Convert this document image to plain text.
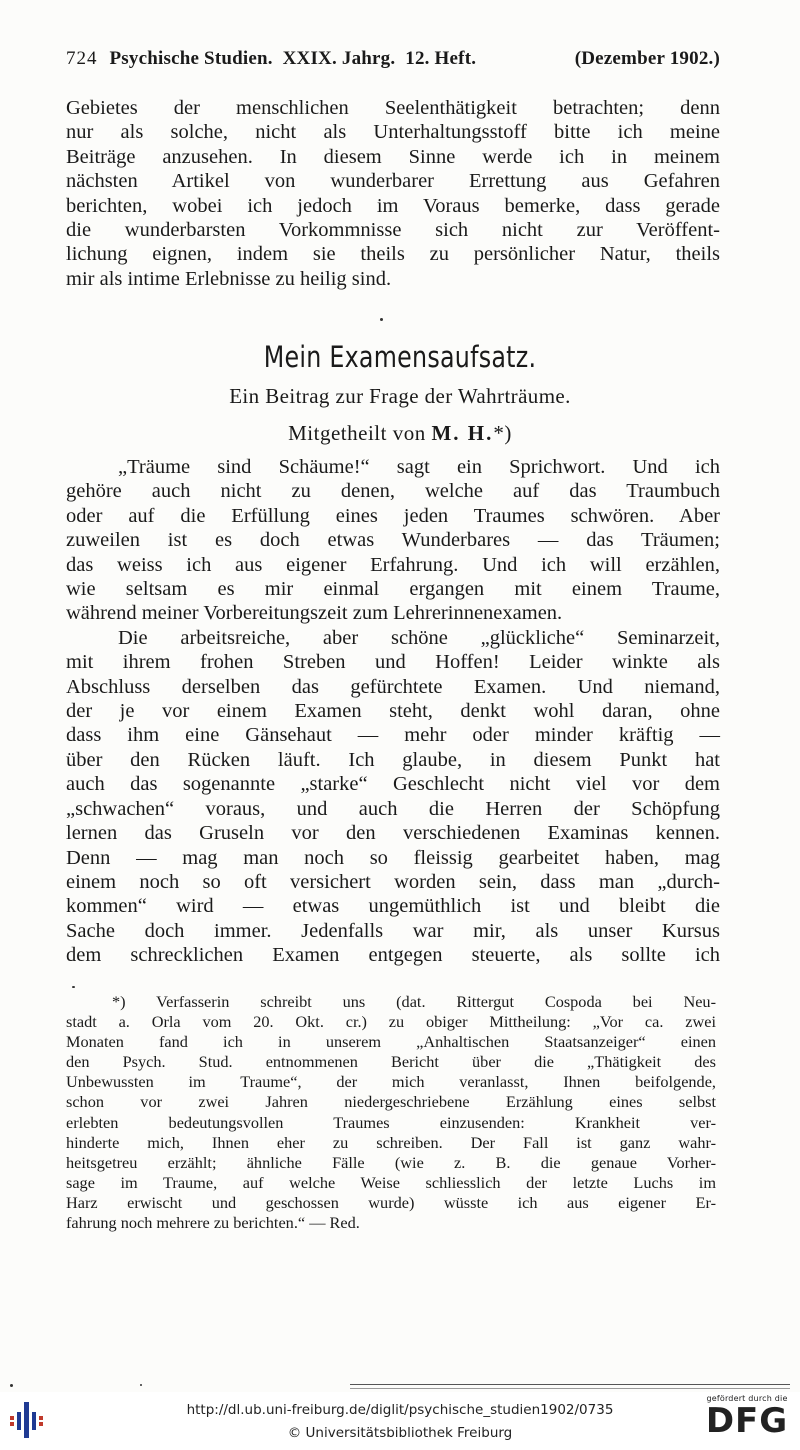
724 Psychische Studien. XXIX. Jahrg. 12. Heft.	(Dezember 1902.)
Gebietes der menschlichen Seelenthätigkeit betrachten; denn
nur als solche, nicht als Unterhaltungsstoff bitte ich meine
Beiträge anzusehen. In diesem Sinne werde ich in meinem
nächsten Artikel von wunderbarer Errettung aus Gefahren
berichten, wobei ich jedoch im Voraus bemerke, dass gerade
die wunderbarsten Vorkommnisse sich nicht zur Veröffent-
lichung eignen, indem sie theils zu persönlicher Natur, theils
mir als intime Erlebnisse zu heilig sind.
Mein Examensaufsatz.
Ein Beitrag zur Frage der Wahrträume.
Mitgetheilt von M. H.*)
„Träume sind Schäume!“ sagt ein Sprichwort. Und ich
gehöre auch nicht zu denen, welche auf das Traumbuch
oder auf die Erfüllung eines jeden Traumes schwören. Aber
zuweilen ist es doch etwas Wunderbares — das Träumen;
das weiss ich aus eigener Erfahrung. Und ich will erzählen,
wie seltsam es mir einmal ergangen mit einem Traume,
während meiner Vorbereitungszeit zum Lehrerinnenexamen.
Die arbeitsreiche, aber schöne „glückliche“ Seminarzeit,
mit ihrem frohen Streben und Hoffen! Leider winkte als
Abschluss derselben das gefürchtete Examen. Und niemand,
der je vor einem Examen steht, denkt wohl daran, ohne
dass ihm eine Gänsehaut — mehr oder minder kräftig —
über den Rücken läuft. Ich glaube, in diesem Punkt hat
auch das sogenannte „starke“ Geschlecht nicht viel vor dem
„schwachen“ voraus, und auch die Herren der Schöpfung
lernen das Gruseln vor den verschiedenen Examinas kennen.
Denn — mag man noch so fleissig gearbeitet haben, mag
einem noch so oft versichert worden sein, dass man „durch-
kommen“ wird — etwas ungemüthlich ist und bleibt die
Sache doch immer. Jedenfalls war mir, als unser Kursus
dem schrecklichen Examen entgegen steuerte, als sollte ich
*) Verfasserin schreibt uns (dat. Rittergut Cospoda bei Neu-
stadt a. Orla vom 20. Okt. cr.) zu obiger Mittheilung: „Vor ca. zwei
Monaten fand ich in unserem „Anhaltischen Staatsanzeiger“ einen
den Psych. Stud. entnommenen Bericht über die „Thätigkeit des
Unbewussten im Traume“, der mich veranlasst, Ihnen beifolgende,
schon vor zwei Jahren niedergeschriebene Erzählung eines selbst
erlebten bedeutungsvollen Traumes einzusenden: Krankheit ver-
hinderte mich, Ihnen eher zu schreiben. Der Fall ist ganz wahr-
heitsgetreu erzählt; ähnliche Fälle (wie z. B. die genaue Vorher-
sage im Traume, auf welche Weise schliesslich der letzte Luchs im
Harz erwischt und geschossen wurde) wüsste ich aus eigener Er-
fahrung noch mehrere zu berichten.“ — Red.
http://dl.ub.uni-freiburg.de/diglit/psychische_studien1902/0735
© Universitätsbibliothek Freiburg
gefördert durch die
DFG
